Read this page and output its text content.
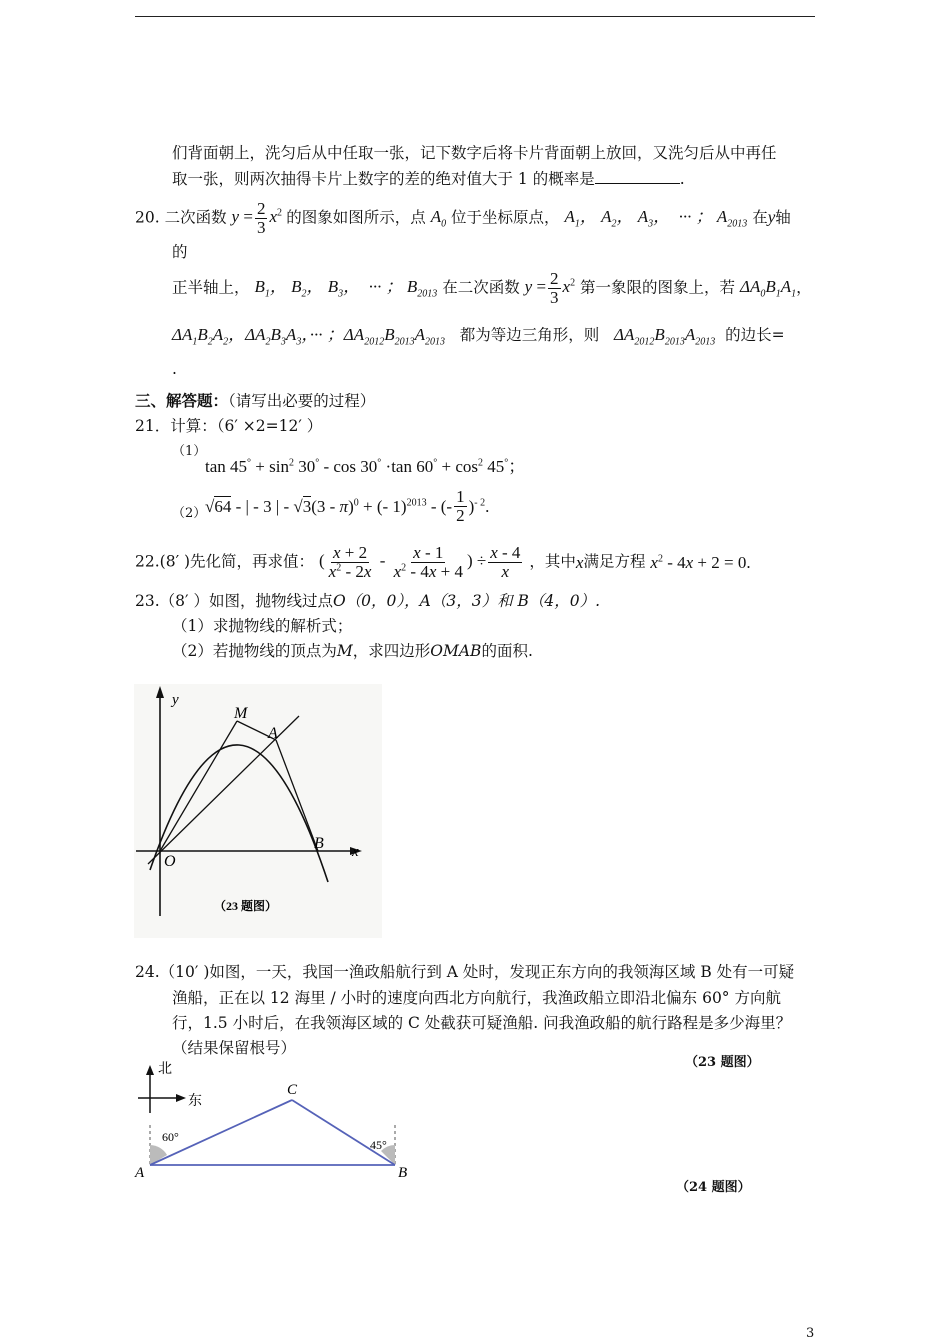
们背面朝上，洗匀后从中任取一张，记下数字后将卡片背面朝上放回，又洗匀后从中再任
取一张，则两次抽得卡片上数字的差的绝对值大于 1 的概率是	.
20. 二次函数 $y = \frac{2}{3} x^2$ 的图象如图所示，点 $A_0$ 位于坐标原点， $A_1$， $A_2$， $A_3$，  ··· ； $A_{2013}$ 在y轴
的
正半轴上， $B_1$， $B_2$， $B_3$，  ··· ； $B_{2013}$ 在二次函数 $y = \frac{2}{3} x^2$ 第一象限的图象上，若 $\Delta A_0B_1A_1$，
$\Delta A_1B_2A_2$，$\Delta A_2B_3A_3$，··· ；$\Delta A_{2012}B_{2013}A_{2013}$ 都为等边三角形，则 $\Delta A_{2012}B_{2013}A_{2013}$ 的边长=
.
三、解答题：（请写出必要的过程）
21．计算：（6′ ×2=12′ ）
（1）
$\tan 45^\circ + \sin^2 30^\circ - \cos 30^\circ \cdot\tan$ $60^\circ + \cos^2 45^\circ$；
（2）
√64 - | - 3 | - √3(3 - π)$^0$ + (- 1)$^{2013}$ - (- $\frac{1}{2} )^{- 2}$.
22.(8′ )先化简，再求值： ( $\frac{x + 2}{x^2 - 2x} - \frac{x - 1}{x^2 - 4x + 4}$ ) ÷ $\frac{x - 4}{x}$ ，其中x满足方程 $x^2 - 4x + 2 = 0$.
23.（8′ ）如图，抛物线过点O（0，0），A（3，3）和 B（4，0）.
（1）求抛物线的解析式；
（2）若抛物线的顶点为M，求四边形OMAB的面积.
y
x
M
A
B
O
（23 题图）
24.（10′ )如图，一天，我国一渔政船航行到 A 处时，发现正东方向的我领海区域 B 处有一可疑
渔船，正在以 12 海里 / 小时的速度向西北方向航行，我渔政船立即沿北偏东 60° 方向航
行，1.5 小时后，在我领海区域的 C 处截获可疑渔船. 问我渔政船的航行路程是多少海里？
（结果保留根号）
（23 题图）
（24 题图）
北
东
60°
45°
A	B
C
3
